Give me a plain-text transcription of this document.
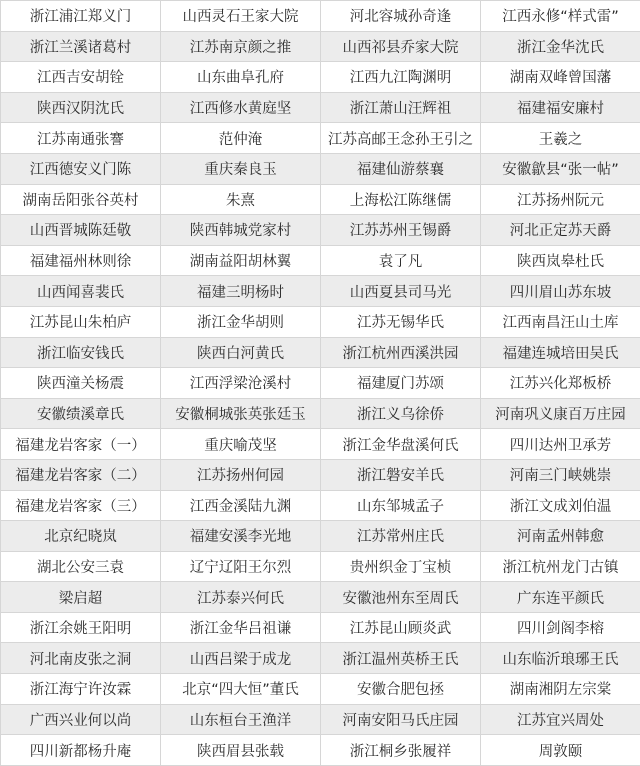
浙江浦江郑义门	山西灵石王家大院	河北容城孙奇逢	江西永修“样式雷”
浙江兰溪诸葛村	江苏南京颜之推	山西祁县乔家大院	浙江金华沈氏
江西吉安胡铨	山东曲阜孔府	江西九江陶渊明	湖南双峰曾国藩
陕西汉阴沈氏	江西修水黄庭坚	浙江萧山汪辉祖	福建福安廉村
江苏南通张謇	范仲淹	江苏高邮王念孙王引之	王羲之
江西德安义门陈	重庆秦良玉	福建仙游蔡襄	安徽歙县“张一帖”
湖南岳阳张谷英村	朱熹	上海松江陈继儒	江苏扬州阮元
山西晋城陈廷敬	陕西韩城党家村	江苏苏州王锡爵	河北正定苏天爵
福建福州林则徐	湖南益阳胡林翼	袁了凡	陕西岚皋杜氏
山西闻喜裴氏	福建三明杨时	山西夏县司马光	四川眉山苏东坡
江苏昆山朱柏庐	浙江金华胡则	江苏无锡华氏	江西南昌汪山土库
浙江临安钱氏	陕西白河黄氏	浙江杭州西溪洪园	福建连城培田吴氏
陕西潼关杨震	江西浮梁沧溪村	福建厦门苏颂	江苏兴化郑板桥
安徽绩溪章氏	安徽桐城张英张廷玉	浙江义乌徐侨	河南巩义康百万庄园
福建龙岩客家（一）	重庆喻茂坚	浙江金华盘溪何氏	四川达州卫承芳
福建龙岩客家（二）	江苏扬州何园	浙江磐安羊氏	河南三门峡姚崇
福建龙岩客家（三）	江西金溪陆九渊	山东邹城孟子	浙江文成刘伯温
北京纪晓岚	福建安溪李光地	江苏常州庄氏	河南孟州韩愈
湖北公安三袁	辽宁辽阳王尔烈	贵州织金丁宝桢	浙江杭州龙门古镇
梁启超	江苏泰兴何氏	安徽池州东至周氏	广东连平颜氏
浙江余姚王阳明	浙江金华吕祖谦	江苏昆山顾炎武	四川剑阁李榕
河北南皮张之洞	山西吕梁于成龙	浙江温州英桥王氏	山东临沂琅琊王氏
浙江海宁许汝霖	北京“四大恒”董氏	安徽合肥包拯	湖南湘阴左宗棠
广西兴业何以尚	山东桓台王渔洋	河南安阳马氏庄园	江苏宜兴周处
四川新都杨升庵	陕西眉县张载	浙江桐乡张履祥	周敦颐
